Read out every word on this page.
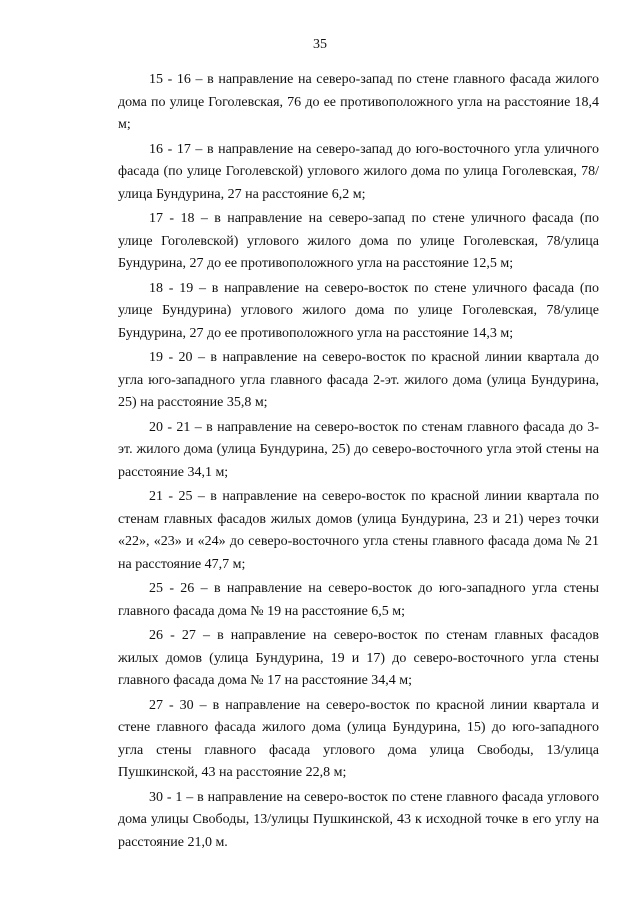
35

15 - 16 – в направление на северо-запад по стене главного фасада жилого дома по улице Гоголевская, 76 до ее противоположного угла на расстояние 18,4 м;

16 - 17 – в направление на северо-запад до юго-восточного угла уличного фасада (по улице Гоголевской) углового жилого дома по улица Гоголевская, 78/улица Бундурина, 27 на расстояние 6,2 м;

17 - 18 – в направление на северо-запад по стене уличного фасада (по улице Гоголевской) углового жилого дома по улице Гоголевская, 78/улица Бундурина, 27 до ее противоположного угла на расстояние 12,5 м;

18 - 19 – в направление на северо-восток по стене уличного фасада (по улице Бундурина) углового жилого дома по улице Гоголевская, 78/улице Бундурина, 27 до ее противоположного угла на расстояние 14,3 м;

19 - 20 – в направление на северо-восток по красной линии квартала до угла юго-западного угла главного фасада 2-эт. жилого дома (улица Бундурина, 25) на расстояние 35,8 м;

20 - 21 – в направление на северо-восток по стенам главного фасада до 3-эт. жилого дома (улица Бундурина, 25) до северо-восточного угла этой стены на расстояние 34,1 м;

21 - 25 – в направление на северо-восток по красной линии квартала по стенам главных фасадов жилых домов (улица Бундурина, 23 и 21) через точки «22», «23» и «24» до северо-восточного угла стены главного фасада дома № 21 на расстояние 47,7 м;

25 - 26 – в направление на северо-восток до юго-западного угла стены главного фасада дома № 19 на расстояние 6,5 м;

26 - 27 – в направление на северо-восток по стенам главных фасадов жилых домов (улица Бундурина, 19 и 17) до северо-восточного угла стены главного фасада дома № 17 на расстояние 34,4 м;

27 - 30 – в направление на северо-восток по красной линии квартала и стене главного фасада жилого дома (улица Бундурина, 15) до юго-западного угла стены главного фасада углового дома улица Свободы, 13/улица Пушкинской, 43 на расстояние 22,8 м;

30 - 1 – в направление на северо-восток по стене главного фасада углового дома улицы Свободы, 13/улицы Пушкинской, 43 к исходной точке в его углу на расстояние 21,0 м.
